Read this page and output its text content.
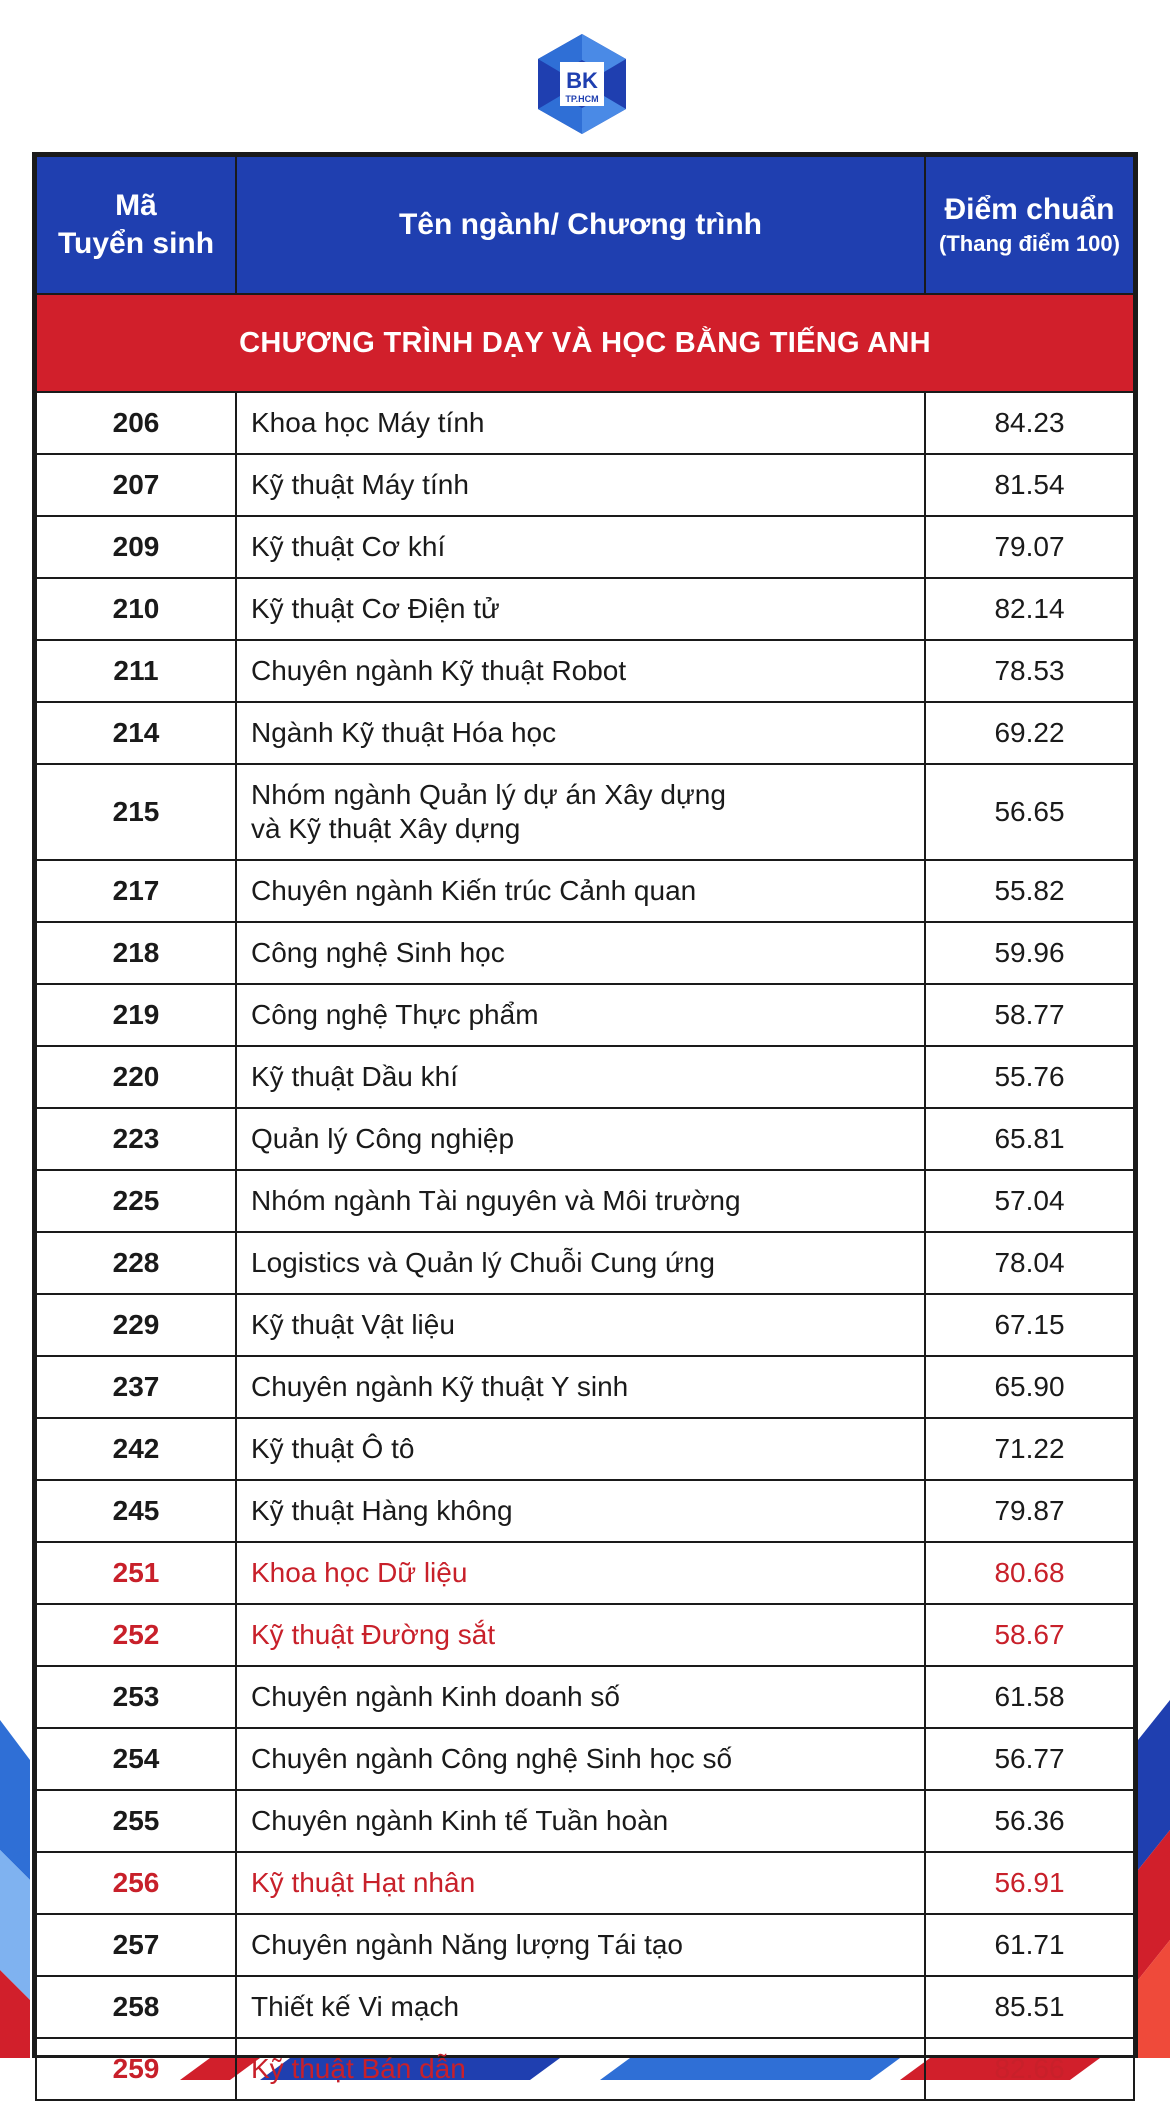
BK
TP.HCM
Mã
Tuyển sinh	Tên ngành/ Chương trình	Điểm chuẩn
(Thang điểm 100)

CHƯƠNG TRÌNH DẠY VÀ HỌC BẰNG TIẾNG ANH		
206	Khoa học Máy tính	84.23
207	Kỹ thuật Máy tính	81.54
209	Kỹ thuật Cơ khí	79.07
210	Kỹ thuật Cơ Điện tử	82.14
211	Chuyên ngành Kỹ thuật Robot	78.53
214	Ngành Kỹ thuật Hóa học	69.22
215	Nhóm ngành Quản lý dự án Xây dựng
và Kỹ thuật Xây dựng	56.65
217	Chuyên ngành Kiến trúc Cảnh quan	55.82
218	Công nghệ Sinh học	59.96
219	Công nghệ Thực phẩm	58.77
220	Kỹ thuật Dầu khí	55.76
223	Quản lý Công nghiệp	65.81
225	Nhóm ngành Tài nguyên và Môi trường	57.04
228	Logistics và Quản lý Chuỗi Cung ứng	78.04
229	Kỹ thuật Vật liệu	67.15
237	Chuyên ngành Kỹ thuật Y sinh	65.90
242	Kỹ thuật Ô tô	71.22
245	Kỹ thuật Hàng không	79.87
251	Khoa học Dữ liệu	80.68
252	Kỹ thuật Đường sắt	58.67
253	Chuyên ngành Kinh doanh số	61.58
254	Chuyên ngành Công nghệ Sinh học số	56.77
255	Chuyên ngành Kinh tế Tuần hoàn	56.36
256	Kỹ thuật Hạt nhân	56.91
257	Chuyên ngành Năng lượng Tái tạo	61.71
258	Thiết kế Vi mạch	85.51
259	Kỹ thuật Bán dẫn	82.66
